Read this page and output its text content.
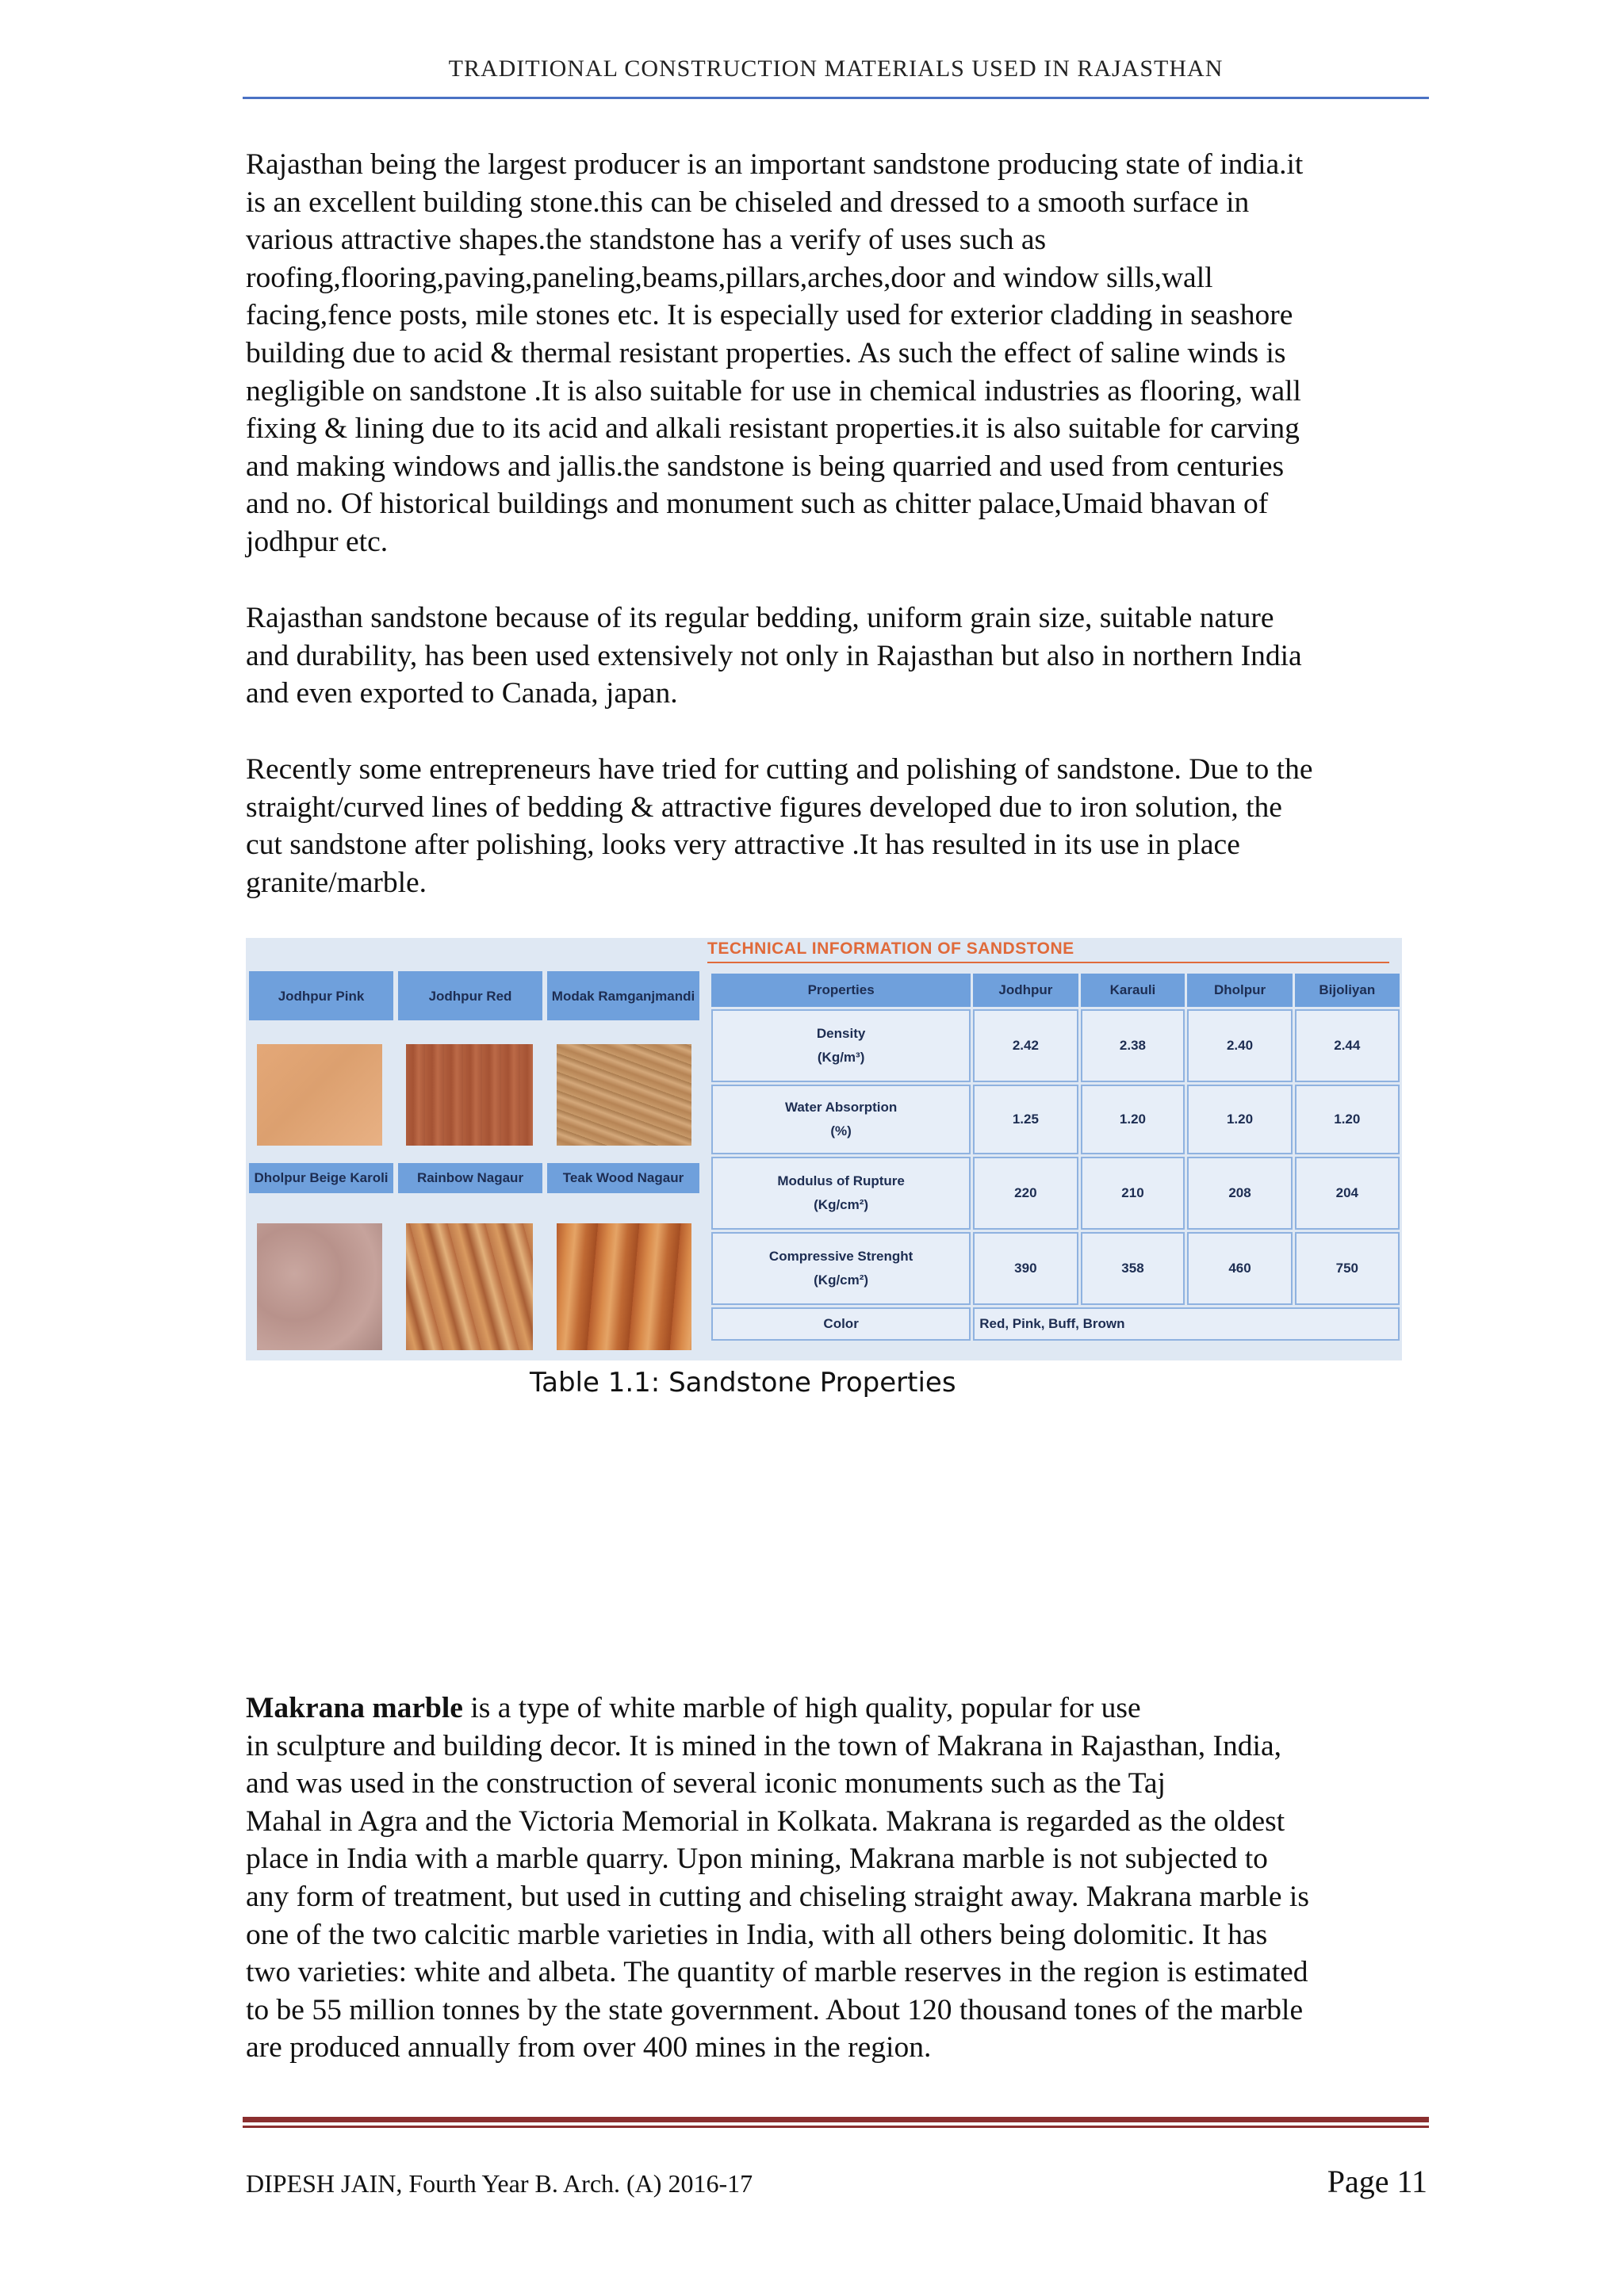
TRADITIONAL CONSTRUCTION MATERIALS USED IN RAJASTHAN
Rajasthan being the largest producer is an important sandstone producing state of india.it
is an excellent building stone.this can be chiseled and dressed to a smooth surface in
various attractive shapes.the standstone has a verify of uses such as
roofing,flooring,paving,paneling,beams,pillars,arches,door and window sills,wall
facing,fence posts, mile stones etc. It is especially used for exterior cladding in seashore
building due to acid & thermal resistant properties. As such the effect of saline winds is
negligible on sandstone .It is also suitable for use in chemical industries as flooring, wall
fixing & lining due to its acid and alkali resistant properties.it is also suitable for carving
and making windows and jallis.the sandstone is being quarried and used from centuries
and no. Of historical buildings and monument such as chitter palace,Umaid bhavan of
jodhpur etc.
Rajasthan sandstone because of its regular bedding, uniform grain size, suitable nature
and durability, has been used extensively not only in Rajasthan but also in northern India
and even exported to Canada, japan.
Recently some entrepreneurs have tried for cutting and polishing of sandstone. Due to the
straight/curved lines of bedding & attractive figures developed due to iron solution, the
cut sandstone after polishing, looks very attractive .It has resulted in its use in place
granite/marble.
TECHNICAL INFORMATION OF SANDSTONE
Jodhpur Pink	Jodhpur Red	Modak Ramganjmandi
Dholpur Beige Karoli	Rainbow Nagaur	Teak Wood Nagaur
Properties	Jodhpur	Karauli	Dholpur	Bijoliyan
Density
(Kg/m³)	2.42	2.38	2.40	2.44
Water Absorption
(%)	1.25	1.20	1.20	1.20
Modulus of Rupture
(Kg/cm²)	220	210	208	204
Compressive Strenght
(Kg/cm²)	390	358	460	750
Color	Red, Pink, Buff, Brown			
Table 1.1: Sandstone Properties
Makrana marble is a type of white marble of high quality, popular for use
in sculpture and building decor. It is mined in the town of Makrana in Rajasthan, India,
and was used in the construction of several iconic monuments such as the Taj
Mahal in Agra and the Victoria Memorial in Kolkata. Makrana is regarded as the oldest
place in India with a marble quarry. Upon mining, Makrana marble is not subjected to
any form of treatment, but used in cutting and chiseling straight away. Makrana marble is
one of the two calcitic marble varieties in India, with all others being dolomitic. It has
two varieties: white and albeta. The quantity of marble reserves in the region is estimated
to be 55 million tonnes by the state government. About 120 thousand tones of the marble
are produced annually from over 400 mines in the region.
DIPESH JAIN, Fourth Year B. Arch. (A) 2016-17	Page 11
